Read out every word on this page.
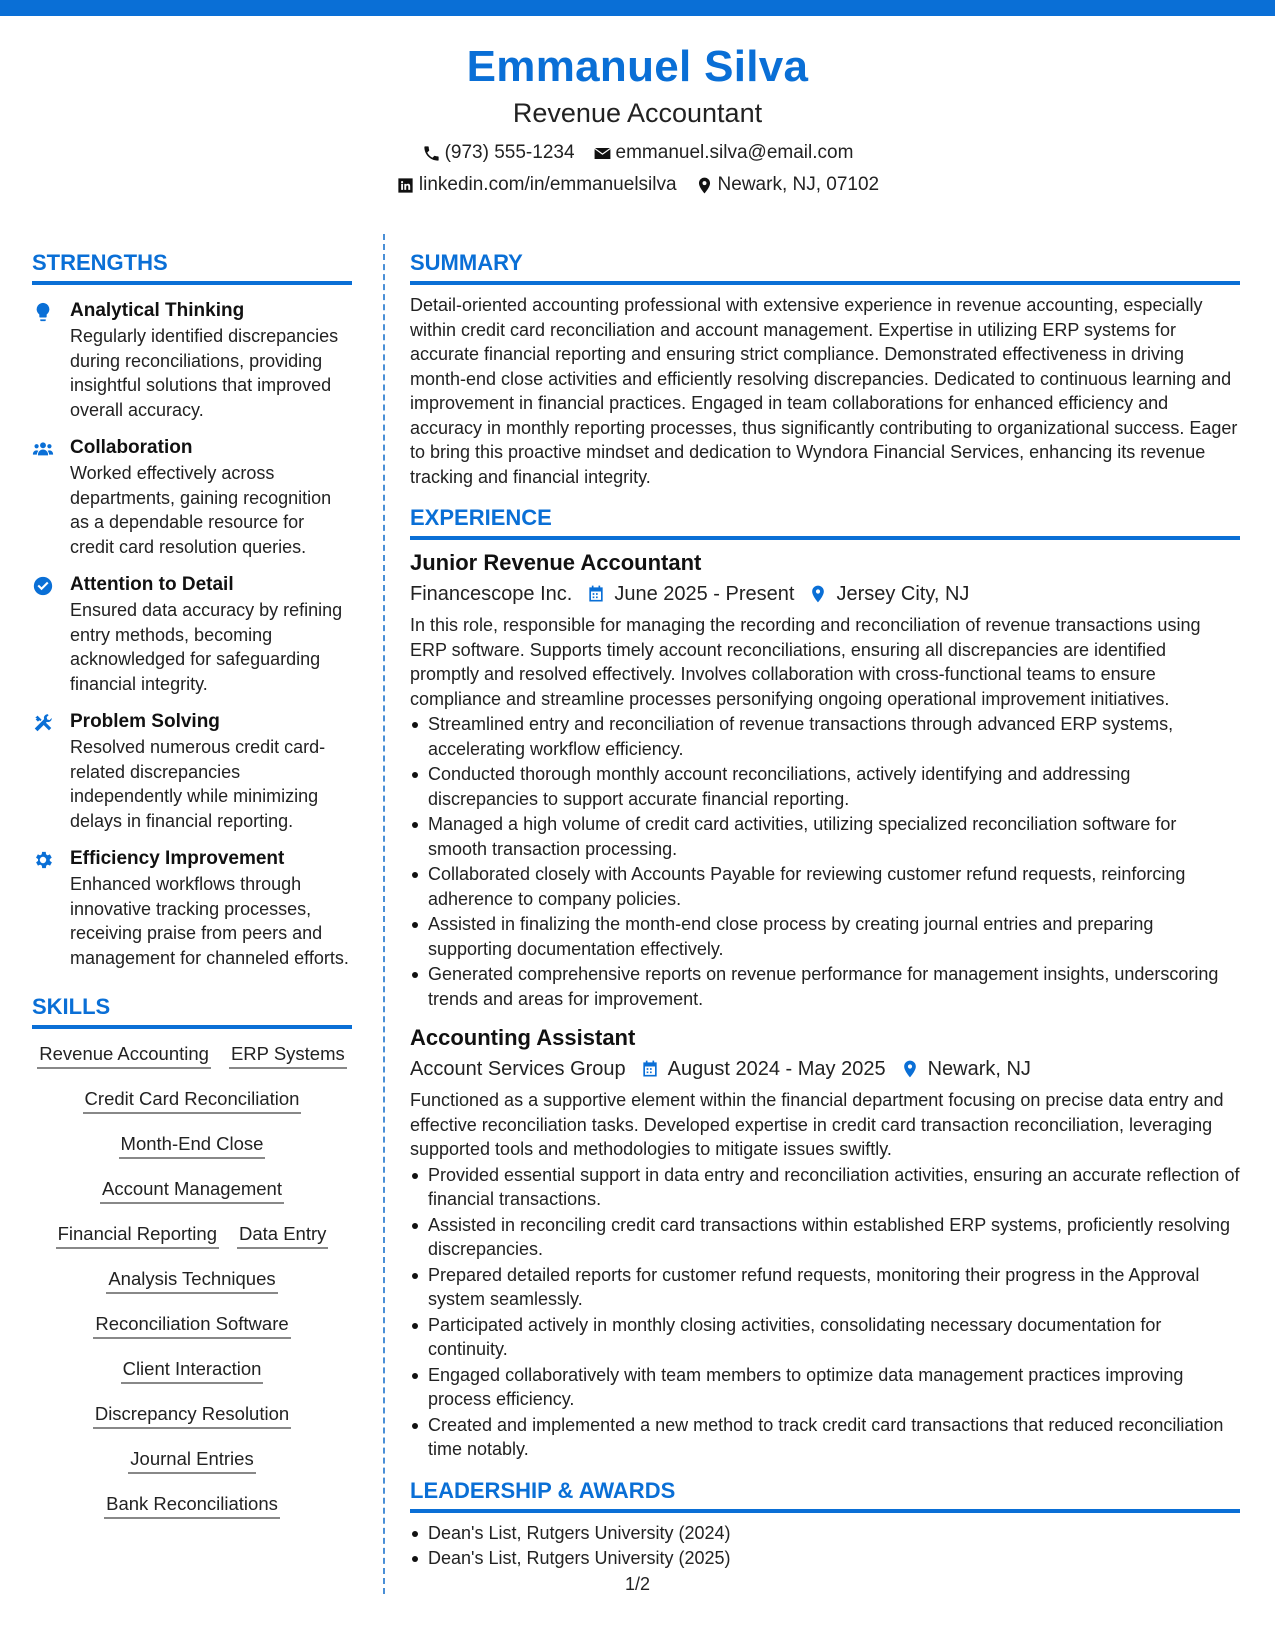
Emmanuel Silva
Revenue Accountant
(973) 555-1234 emmanuel.silva@email.com
linkedin.com/in/emmanuelsilva Newark, NJ, 07102
STRENGTHS
Analytical Thinking
Regularly identified discrepancies during reconciliations, providing insightful solutions that improved overall accuracy.
Collaboration
Worked effectively across departments, gaining recognition as a dependable resource for credit card resolution queries.
Attention to Detail
Ensured data accuracy by refining entry methods, becoming acknowledged for safeguarding financial integrity.
Problem Solving
Resolved numerous credit card-related discrepancies independently while minimizing delays in financial reporting.
Efficiency Improvement
Enhanced workflows through innovative tracking processes, receiving praise from peers and management for channeled efforts.
SKILLS
Revenue Accounting ERP Systems
Credit Card Reconciliation
Month-End Close
Account Management
Financial Reporting Data Entry
Analysis Techniques
Reconciliation Software
Client Interaction
Discrepancy Resolution
Journal Entries
Bank Reconciliations
SUMMARY
Detail-oriented accounting professional with extensive experience in revenue accounting, especially within credit card reconciliation and account management. Expertise in utilizing ERP systems for accurate financial reporting and ensuring strict compliance. Demonstrated effectiveness in driving month-end close activities and efficiently resolving discrepancies. Dedicated to continuous learning and improvement in financial practices. Engaged in team collaborations for enhanced efficiency and accuracy in monthly reporting processes, thus significantly contributing to organizational success. Eager to bring this proactive mindset and dedication to Wyndora Financial Services, enhancing its revenue tracking and financial integrity.
EXPERIENCE
Junior Revenue Accountant
Financescope Inc. June 2025 - Present Jersey City, NJ
In this role, responsible for managing the recording and reconciliation of revenue transactions using ERP software. Supports timely account reconciliations, ensuring all discrepancies are identified promptly and resolved effectively. Involves collaboration with cross-functional teams to ensure compliance and streamline processes personifying ongoing operational improvement initiatives.
Streamlined entry and reconciliation of revenue transactions through advanced ERP systems, accelerating workflow efficiency.
Conducted thorough monthly account reconciliations, actively identifying and addressing discrepancies to support accurate financial reporting.
Managed a high volume of credit card activities, utilizing specialized reconciliation software for smooth transaction processing.
Collaborated closely with Accounts Payable for reviewing customer refund requests, reinforcing adherence to company policies.
Assisted in finalizing the month-end close process by creating journal entries and preparing supporting documentation effectively.
Generated comprehensive reports on revenue performance for management insights, underscoring trends and areas for improvement.
Accounting Assistant
Account Services Group August 2024 - May 2025 Newark, NJ
Functioned as a supportive element within the financial department focusing on precise data entry and effective reconciliation tasks. Developed expertise in credit card transaction reconciliation, leveraging supported tools and methodologies to mitigate issues swiftly.
Provided essential support in data entry and reconciliation activities, ensuring an accurate reflection of financial transactions.
Assisted in reconciling credit card transactions within established ERP systems, proficiently resolving discrepancies.
Prepared detailed reports for customer refund requests, monitoring their progress in the Approval system seamlessly.
Participated actively in monthly closing activities, consolidating necessary documentation for continuity.
Engaged collaboratively with team members to optimize data management practices improving process efficiency.
Created and implemented a new method to track credit card transactions that reduced reconciliation time notably.
LEADERSHIP & AWARDS
Dean's List, Rutgers University (2024)
Dean's List, Rutgers University (2025)
1/2
